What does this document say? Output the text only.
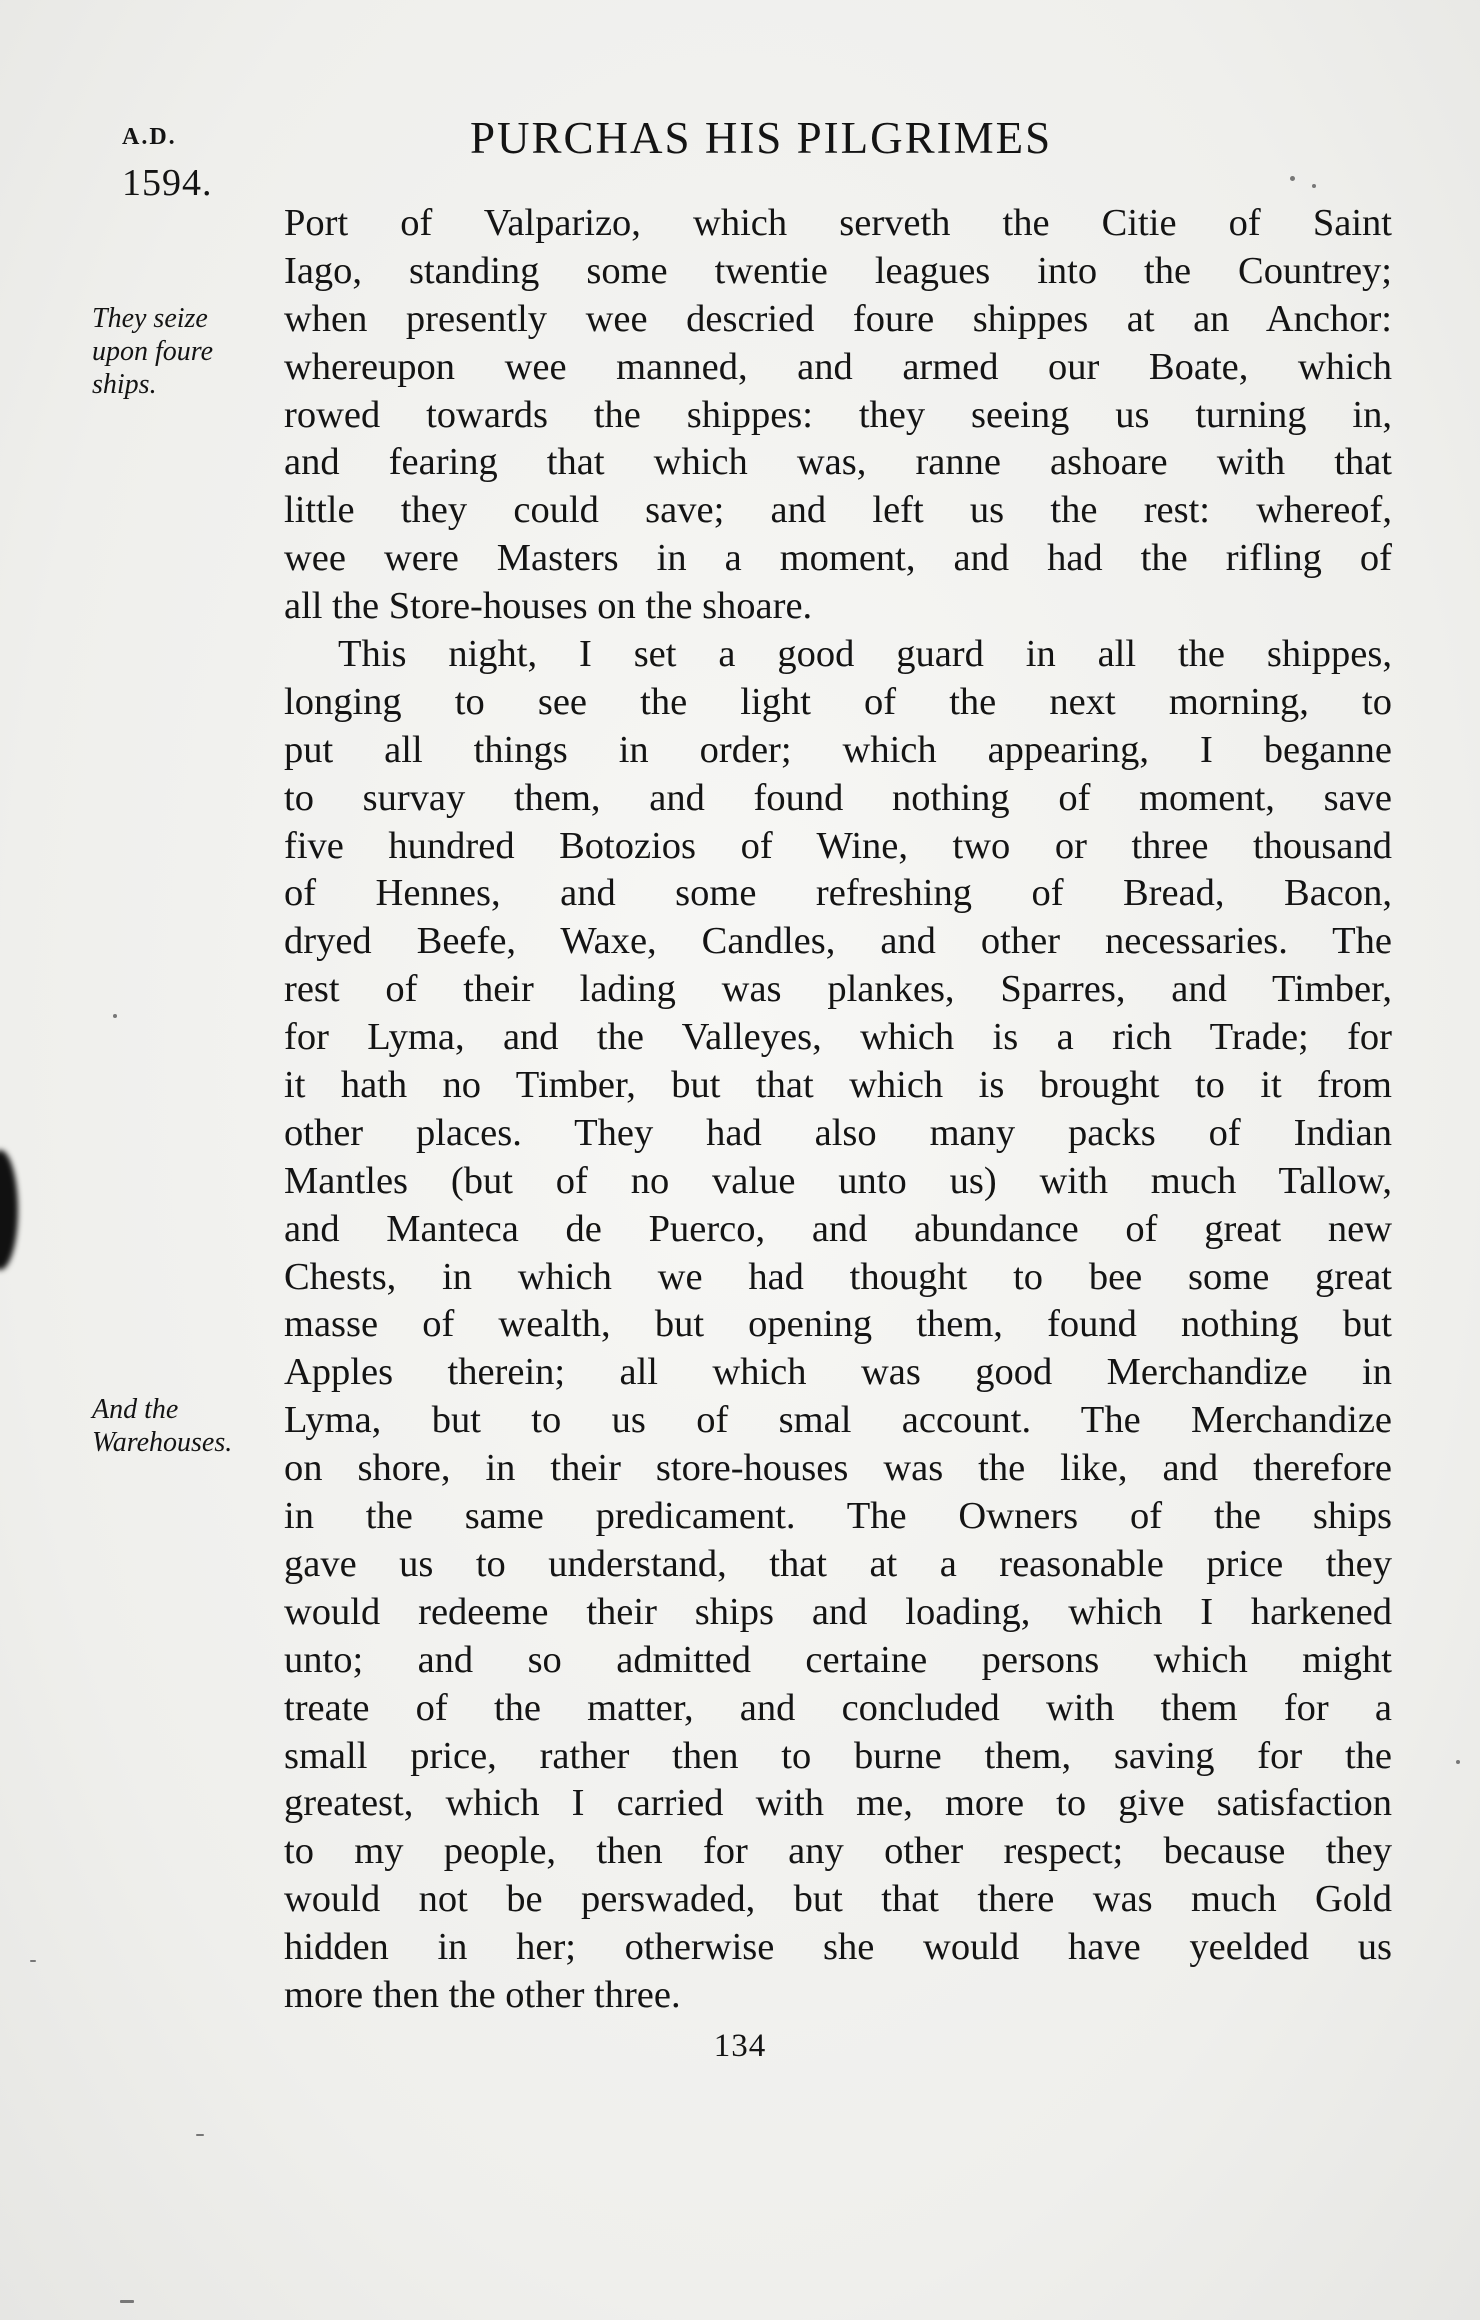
A.D.
1594.
PURCHAS HIS PILGRIMES
They seize
upon foure
ships.
And the
Warehouses.
Port of Valparizo, which serveth the Citie of Saint
Iago, standing some twentie leagues into the Countrey;
when presently wee descried foure shippes at an Anchor:
whereupon wee manned, and armed our Boate, which
rowed towards the shippes: they seeing us turning in,
and fearing that which was, ranne ashoare with that
little they could save; and left us the rest: whereof,
wee were Masters in a moment, and had the rifling of
all the Store-houses on the shoare.
This night, I set a good guard in all the shippes,
longing to see the light of the next morning, to
put all things in order; which appearing, I beganne
to survay them, and found nothing of moment, save
five hundred Botozios of Wine, two or three thousand
of Hennes, and some refreshing of Bread, Bacon,
dryed Beefe, Waxe, Candles, and other necessaries. The
rest of their lading was plankes, Sparres, and Timber,
for Lyma, and the Valleyes, which is a rich Trade; for
it hath no Timber, but that which is brought to it from
other places. They had also many packs of Indian
Mantles (but of no value unto us) with much Tallow,
and Manteca de Puerco, and abundance of great new
Chests, in which we had thought to bee some great
masse of wealth, but opening them, found nothing but
Apples therein; all which was good Merchandize in
Lyma, but to us of smal account. The Merchandize
on shore, in their store-houses was the like, and therefore
in the same predicament. The Owners of the ships
gave us to understand, that at a reasonable price they
would redeeme their ships and loading, which I harkened
unto; and so admitted certaine persons which might
treate of the matter, and concluded with them for a
small price, rather then to burne them, saving for the
greatest, which I carried with me, more to give satisfaction
to my people, then for any other respect; because they
would not be perswaded, but that there was much Gold
hidden in her; otherwise she would have yeelded us
more then the other three.
134
